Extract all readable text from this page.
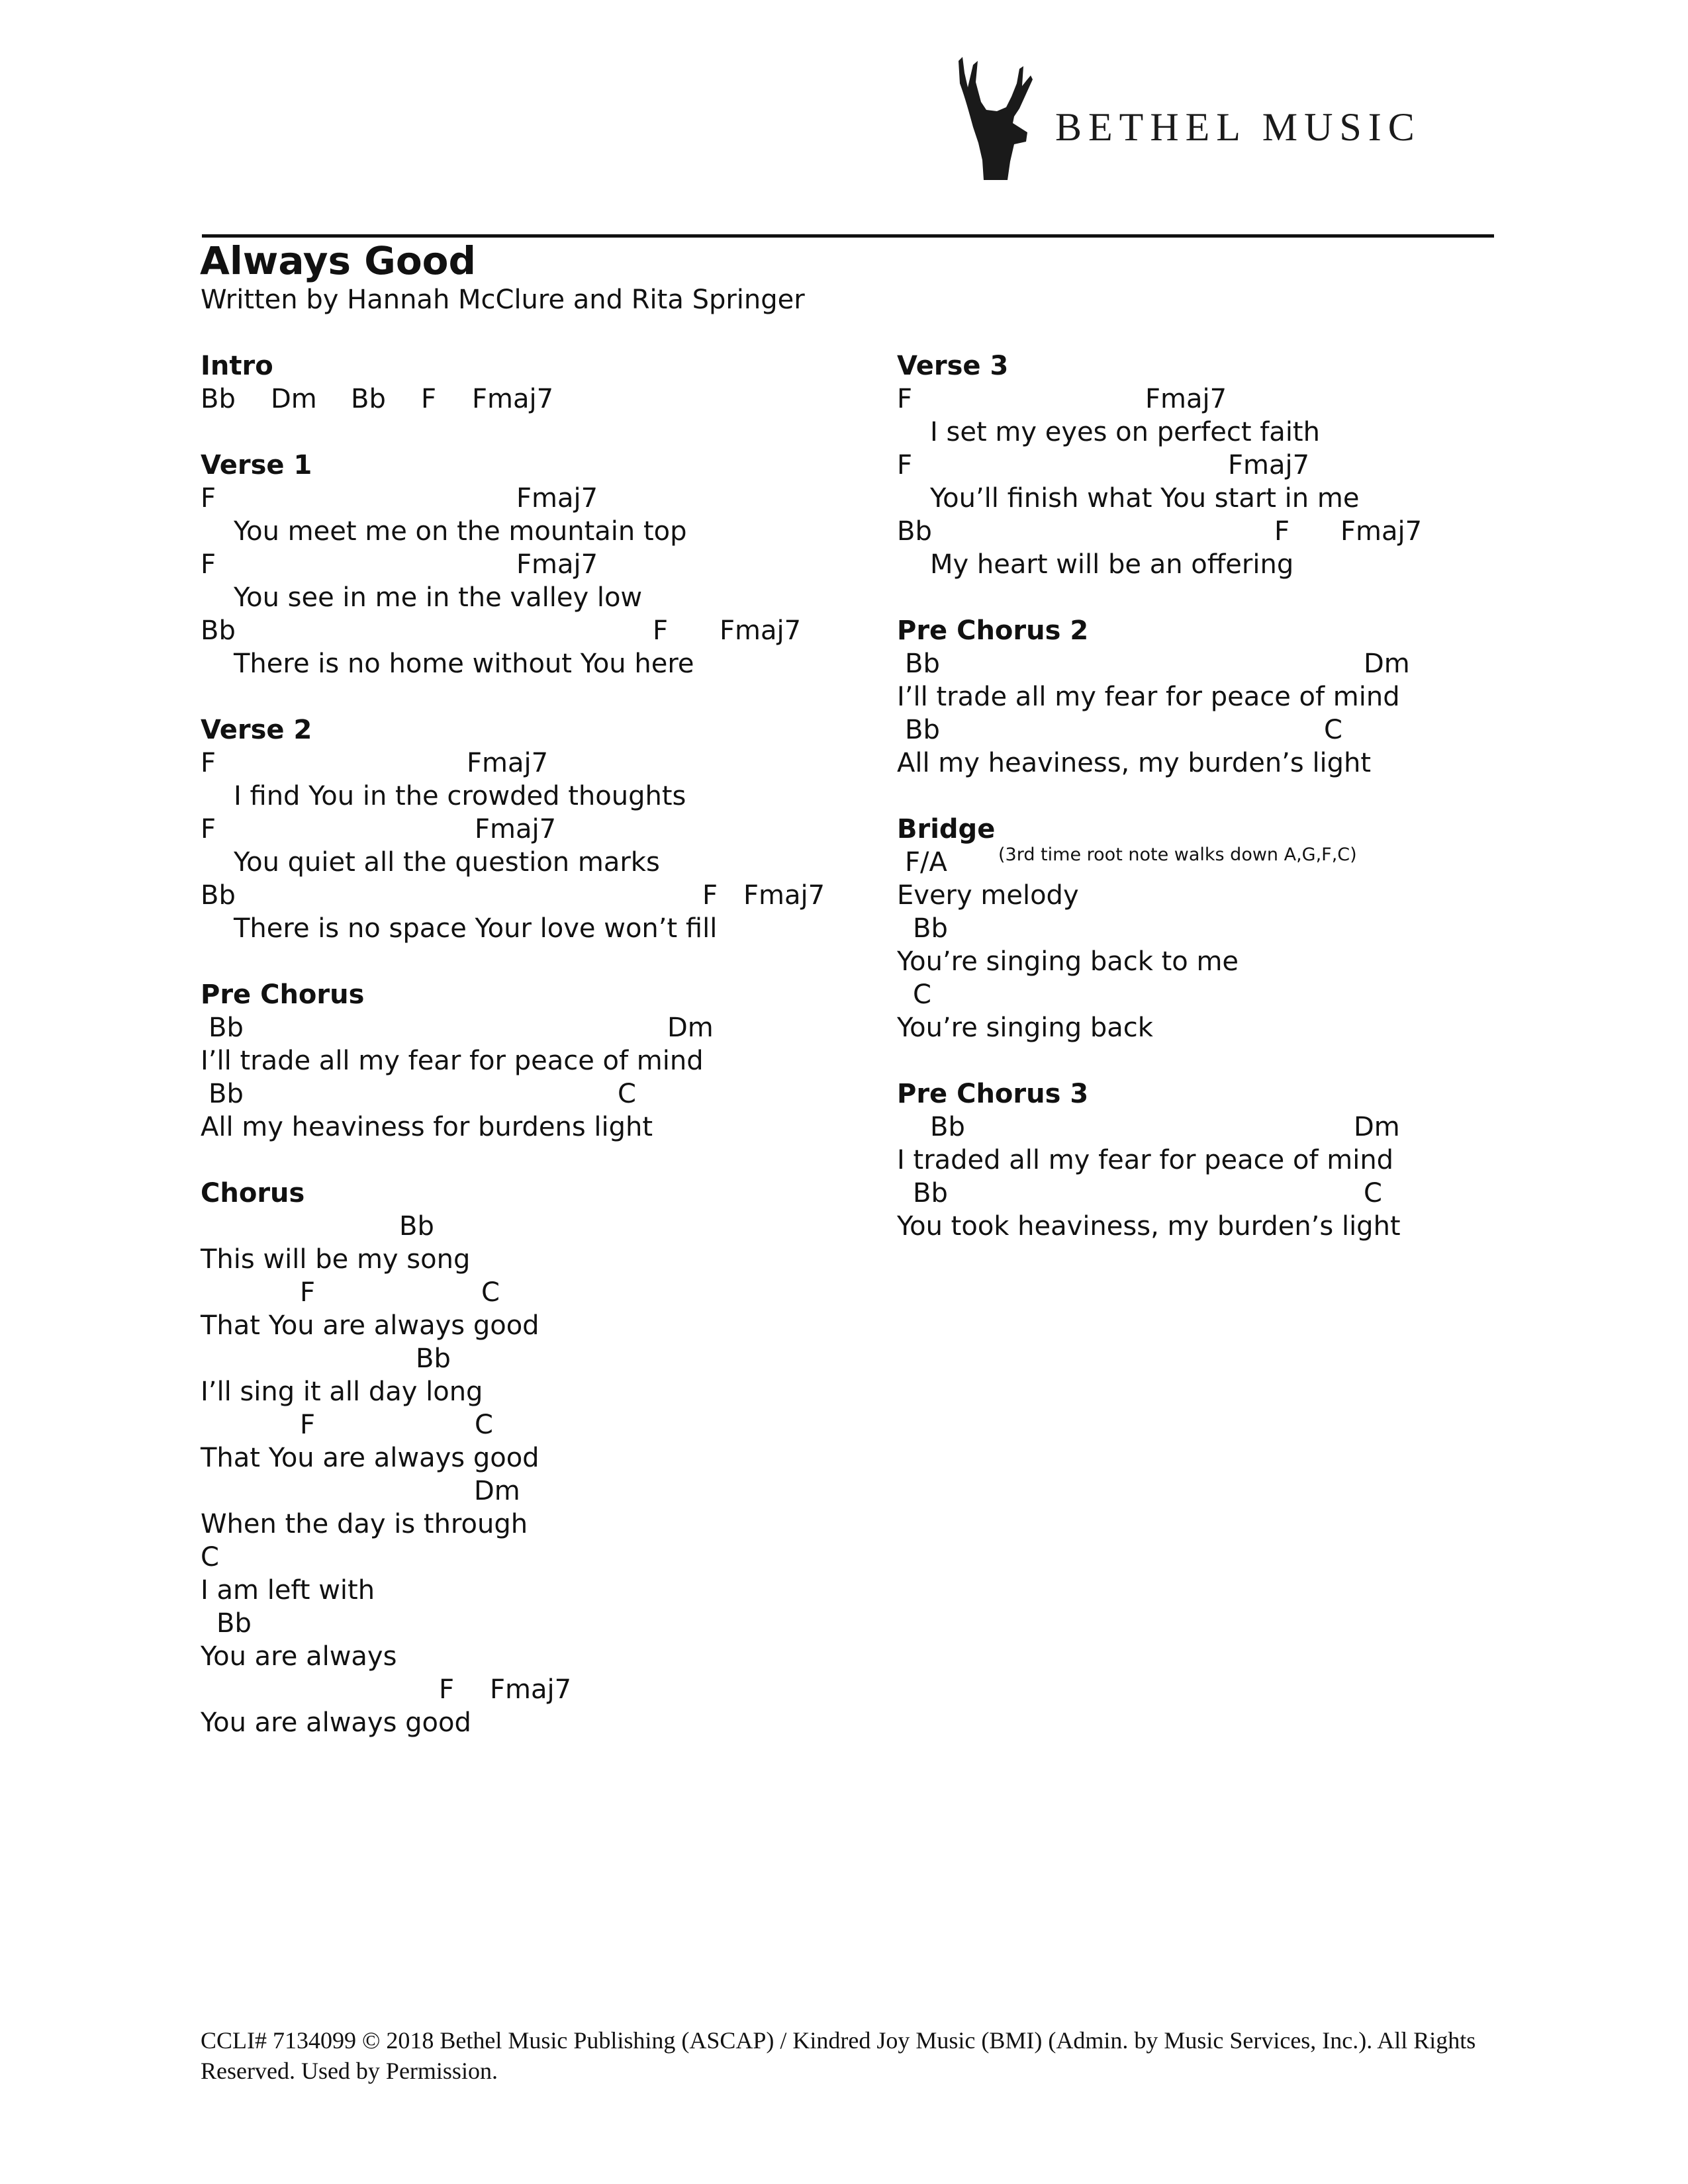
BETHEL MUSIC
Always Good
Written by Hannah McClure and Rita Springer
Intro
Bb Dm Bb F Fmaj7
Verse 1
F	Fmaj7
You meet me on the mountain top
F	Fmaj7
You see in me in the valley low
Bb	F Fmaj7
There is no home without You here
Verse 2
F	Fmaj7
I find You in the crowded thoughts
F	Fmaj7
You quiet all the question marks
Bb	F Fmaj7
There is no space Your love won’t fill
Pre Chorus
Bb	Dm
I’ll trade all my fear for peace of mind
Bb	C
All my heaviness for burdens light
Chorus
Bb
This will be my song
F	C
That You are always good
Bb
I’ll sing it all day long
F	C
That You are always good
Dm
When the day is through
C
I am left with
Bb
You are always
F Fmaj7
You are always good
Verse 3
F	Fmaj7
I set my eyes on perfect faith
F	Fmaj7
You’ll finish what You start in me
Bb	F Fmaj7
My heart will be an offering
Pre Chorus 2
Bb	Dm
I’ll trade all my fear for peace of mind
Bb	C
All my heaviness, my burden’s light
Bridge
F/A	(3rd time root note walks down A,G,F,C)
Every melody
Bb
You’re singing back to me
C
You’re singing back
Pre Chorus 3
Bb	Dm
I traded all my fear for peace of mind
Bb	C
You took heaviness, my burden’s light
CCLI# 7134099 © 2018 Bethel Music Publishing (ASCAP) / Kindred Joy Music (BMI) (Admin. by Music Services, Inc.). All Rights Reserved. Used by Permission.
